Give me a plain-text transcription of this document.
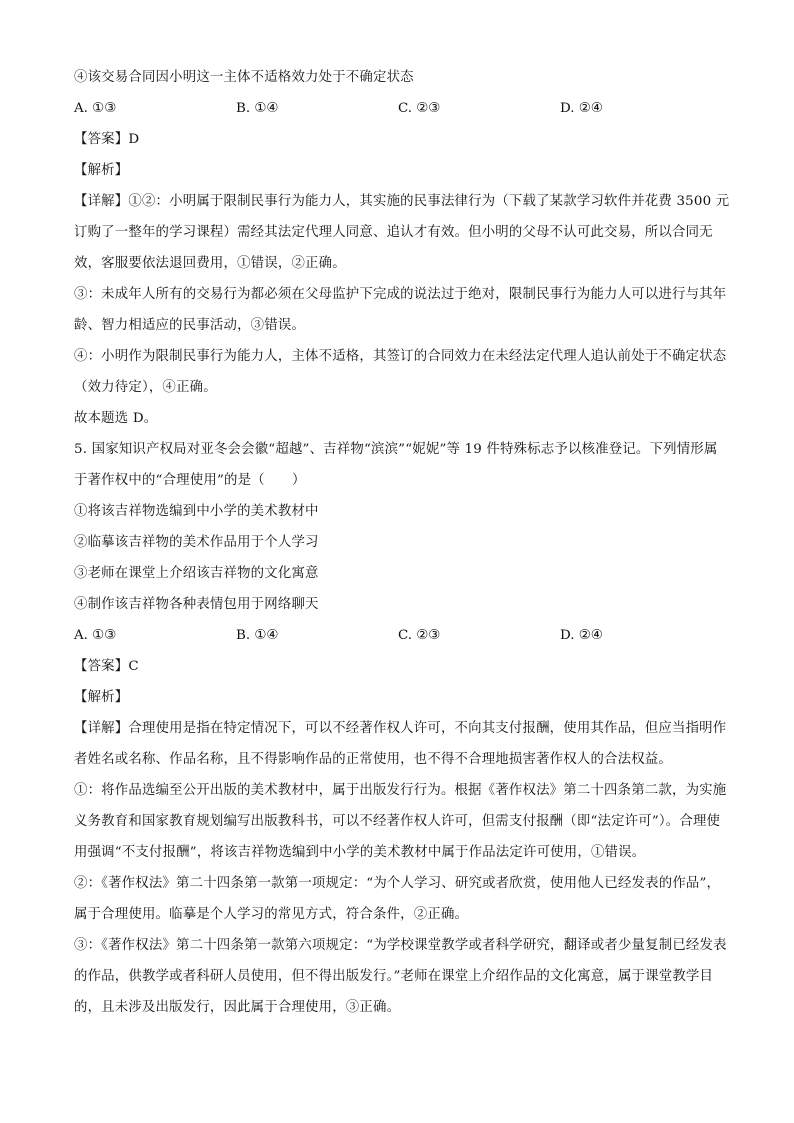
④该交易合同因小明这一主体不适格效力处于不确定状态
A. ①③	B. ①④	C. ②③	D. ②④
【答案】D
【解析】
【详解】①②：小明属于限制民事行为能力人，其实施的民事法律行为（下载了某款学习软件并花费 3500 元订购了一整年的学习课程）需经其法定代理人同意、追认才有效。但小明的父母不认可此交易，所以合同无效，客服要依法退回费用，①错误，②正确。
③：未成年人所有的交易行为都必须在父母监护下完成的说法过于绝对，限制民事行为能力人可以进行与其年龄、智力相适应的民事活动，③错误。
④：小明作为限制民事行为能力人，主体不适格，其签订的合同效力在未经法定代理人追认前处于不确定状态（效力待定），④正确。
故本题选 D。
5. 国家知识产权局对亚冬会会徽“超越”、吉祥物“滨滨”“妮妮”等 19 件特殊标志予以核准登记。下列情形属于著作权中的“合理使用”的是（　　）
①将该吉祥物选编到中小学的美术教材中
②临摹该吉祥物的美术作品用于个人学习
③老师在课堂上介绍该吉祥物的文化寓意
④制作该吉祥物各种表情包用于网络聊天
A. ①③	B. ①④	C. ②③	D. ②④
【答案】C
【解析】
【详解】合理使用是指在特定情况下，可以不经著作权人许可，不向其支付报酬，使用其作品，但应当指明作者姓名或名称、作品名称，且不得影响作品的正常使用，也不得不合理地损害著作权人的合法权益。
①：将作品选编至公开出版的美术教材中，属于出版发行行为。根据《著作权法》第二十四条第二款，为实施义务教育和国家教育规划编写出版教科书，可以不经著作权人许可，但需支付报酬（即“法定许可”）。合理使用强调“不支付报酬”，将该吉祥物选编到中小学的美术教材中属于作品法定许可使用，①错误。
②：《著作权法》第二十四条第一款第一项规定：“为个人学习、研究或者欣赏，使用他人已经发表的作品”，属于合理使用。临摹是个人学习的常见方式，符合条件，②正确。
③：《著作权法》第二十四条第一款第六项规定：“为学校课堂教学或者科学研究，翻译或者少量复制已经发表的作品，供教学或者科研人员使用，但不得出版发行。”老师在课堂上介绍作品的文化寓意，属于课堂教学目的，且未涉及出版发行，因此属于合理使用，③正确。
